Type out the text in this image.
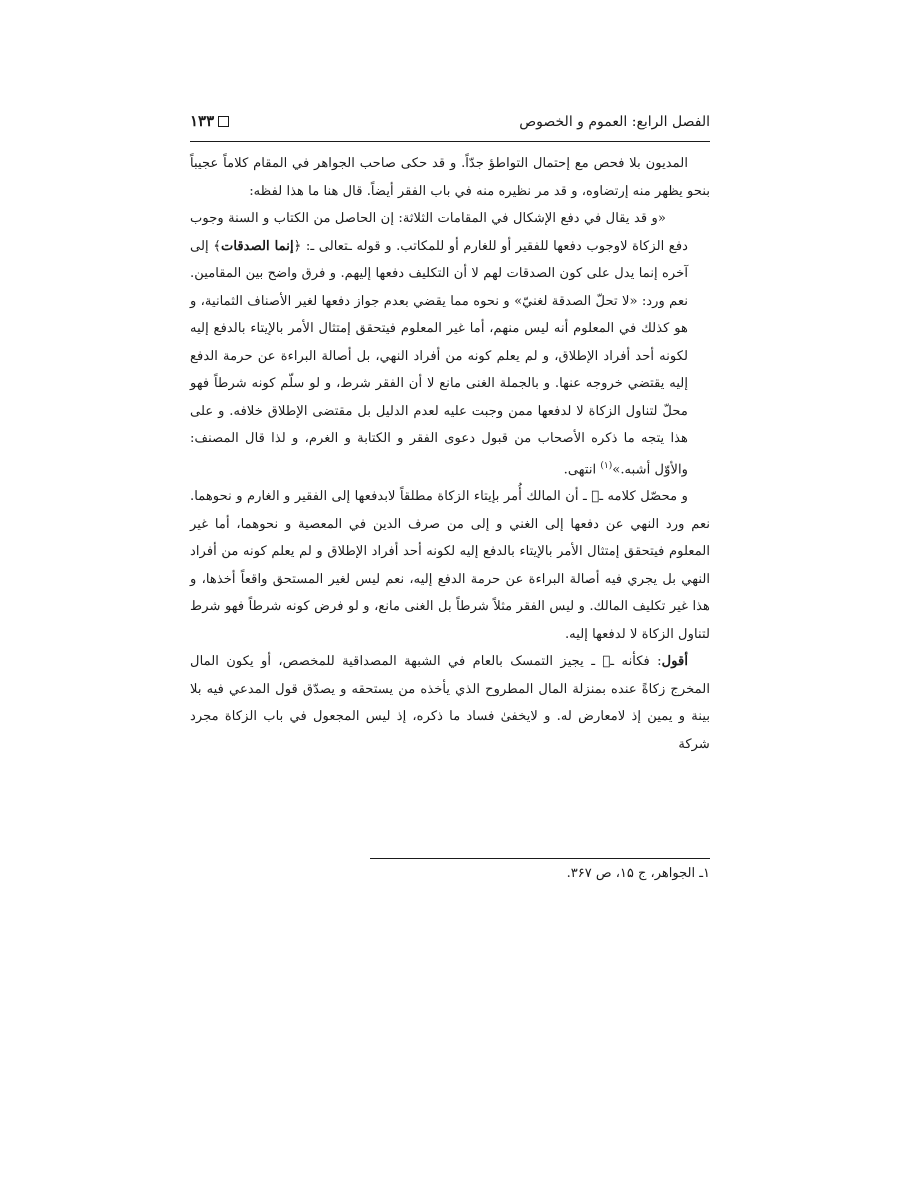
الفصل الرابع: العموم و الخصوص
۱۳۳

المديون بلا فحص مع إحتمال التواطؤ جدّاً. و قد حكى صاحب الجواهر في المقام كلاماً عجيباً بنحو يظهر منه إرتضاوه، و قد مر نظيره منه في باب الفقر أيضاً. قال هنا ما هذا لفظه:

«و قد يقال في دفع الإشكال في المقامات الثلاثة: إن الحاصل من الكتاب و السنة وجوب دفع الزكاة لاوجوب دفعها للفقير أو للغارم أو للمكاتب. و قوله ـتعالى ـ: ﴿إنما الصدقات﴾ إلى آخره إنما يدل على كون الصدقات لهم لا أن التكليف دفعها إليهم. و فرق واضح بين المقامين. نعم ورد: «لا تحلّ الصدقة لغنيّ» و نحوه مما يقضي بعدم جواز دفعها لغير الأصناف الثمانية، و هو كذلك في المعلوم أنه ليس منهم، أما غير المعلوم فيتحقق إمتثال الأمر بالإيتاء بالدفع إليه لكونه أحد أفراد الإطلاق، و لم يعلم كونه من أفراد النهي، بل أصالة البراءة عن حرمة الدفع إليه يقتضي خروجه عنها. و بالجملة الغنى مانع لا أن الفقر شرط، و لو سلّم كونه شرطاً فهو محلّ لتناول الزكاة لا لدفعها ممن وجبت عليه لعدم الدليل بل مقتضى الإطلاق خلافه. و على هذا يتجه ما ذكره الأصحاب من قبول دعوى الفقر و الكتابة و الغرم، و لذا قال المصنف: والأوّل أشبه.»$^{(۱)}$ انتهى.

و محصّل كلامه ـ﷫ ـ أن المالك أُمر بإيتاء الزكاة مطلقاً لابدفعها إلى الفقير و الغارم و نحوهما. نعم ورد النهي عن دفعها إلى الغني و إلى من صرف الدين في المعصية و نحوهما، أما غير المعلوم فيتحقق إمتثال الأمر بالإيتاء بالدفع إليه لكونه أحد أفراد الإطلاق و لم يعلم كونه من أفراد النهي بل يجري فيه أصالة البراءة عن حرمة الدفع إليه، نعم ليس لغير المستحق واقعاً أخذها، و هذا غير تكليف المالك. و ليس الفقر مثلاً شرطاً بل الغنى مانع، و لو فرض كونه شرطاً فهو شرط لتناول الزكاة لا لدفعها إليه.

أقول: فكأنه ـ﷫ ـ يجيز التمسک بالعام في الشبهة المصداقية للمخصص، أو يكون المال المخرج زكاةً عنده بمنزلة المال المطروح الذي يأخذه من يستحقه و يصدّق قول المدعي فيه بلا بينة و يمين إذ لامعارض له. و لايخفىٰ فساد ما ذكره، إذ ليس المجعول في باب الزكاة مجرد شركة

۱ـ الجواهر، ج ۱۵، ص ۳۶۷.
